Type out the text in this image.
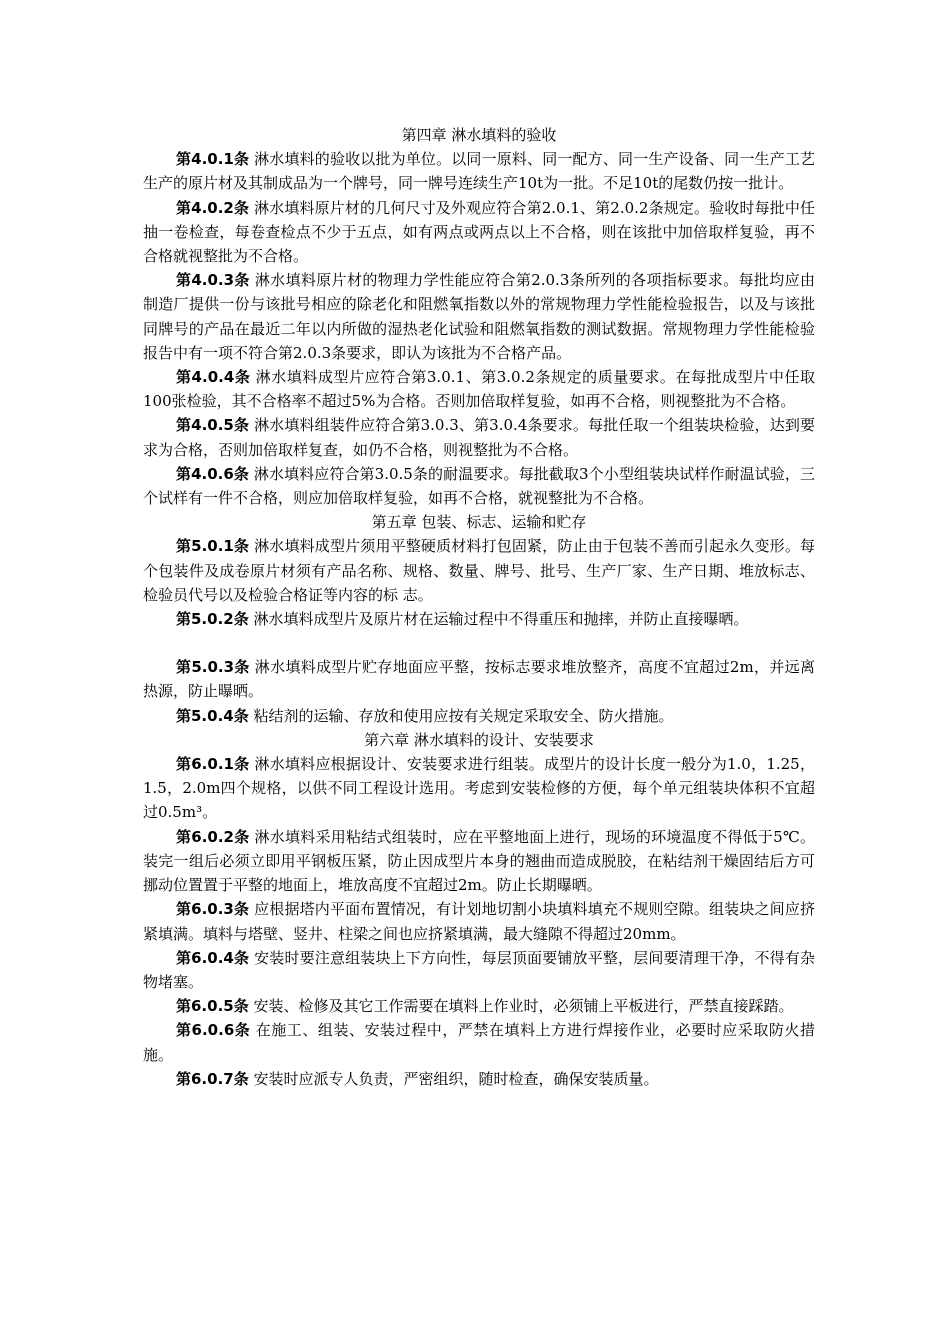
第四章 淋水填料的验收

第4.0.1条 淋水填料的验收以批为单位。以同一原料、同一配方、同一生产设备、同一生产工艺生产的原片材及其制成品为一个牌号，同一牌号连续生产10t为一批。不足10t的尾数仍按一批计。

第4.0.2条 淋水填料原片材的几何尺寸及外观应符合第2.0.1、第2.0.2条规定。验收时每批中任抽一卷检查，每卷查检点不少于五点，如有两点或两点以上不合格，则在该批中加倍取样复验，再不合格就视整批为不合格。

第4.0.3条 淋水填料原片材的物理力学性能应符合第2.0.3条所列的各项指标要求。每批均应由制造厂提供一份与该批号相应的除老化和阻燃氧指数以外的常规物理力学性能检验报告，以及与该批同牌号的产品在最近二年以内所做的湿热老化试验和阻燃氧指数的测试数据。常规物理力学性能检验报告中有一项不符合第2.0.3条要求，即认为该批为不合格产品。

第4.0.4条 淋水填料成型片应符合第3.0.1、第3.0.2条规定的质量要求。在每批成型片中任取100张检验，其不合格率不超过5%为合格。否则加倍取样复验，如再不合格，则视整批为不合格。

第4.0.5条 淋水填料组装件应符合第3.0.3、第3.0.4条要求。每批任取一个组装块检验，达到要求为合格，否则加倍取样复查，如仍不合格，则视整批为不合格。

第4.0.6条 淋水填料应符合第3.0.5条的耐温要求。每批截取3个小型组装块试样作耐温试验，三个试样有一件不合格，则应加倍取样复验，如再不合格，就视整批为不合格。

第五章 包装、标志、运输和贮存

第5.0.1条 淋水填料成型片须用平整硬质材料打包固紧，防止由于包装不善而引起永久变形。每个包装件及成卷原片材须有产品名称、规格、数量、牌号、批号、生产厂家、生产日期、堆放标志、检验员代号以及检验合格证等内容的标 志。

第5.0.2条 淋水填料成型片及原片材在运输过程中不得重压和抛摔，并防止直接曝晒。

第5.0.3条 淋水填料成型片贮存地面应平整，按标志要求堆放整齐，高度不宜超过2m，并远离热源，防止曝晒。

第5.0.4条 粘结剂的运输、存放和使用应按有关规定采取安全、防火措施。

第六章 淋水填料的设计、安装要求

第6.0.1条 淋水填料应根据设计、安装要求进行组装。成型片的设计长度一般分为1.0，1.25，1.5，2.0m四个规格，以供不同工程设计选用。考虑到安装检修的方便，每个单元组装块体积不宜超过0.5m³。

第6.0.2条 淋水填料采用粘结式组装时，应在平整地面上进行，现场的环境温度不得低于5℃。装完一组后必须立即用平钢板压紧，防止因成型片本身的翘曲而造成脱胶，在粘结剂干燥固结后方可挪动位置置于平整的地面上，堆放高度不宜超过2m。防止长期曝晒。

第6.0.3条 应根据塔内平面布置情况，有计划地切割小块填料填充不规则空隙。组装块之间应挤紧填满。填料与塔壁、竖井、柱梁之间也应挤紧填满，最大缝隙不得超过20mm。

第6.0.4条 安装时要注意组装块上下方向性，每层顶面要铺放平整，层间要清理干净，不得有杂物堵塞。

第6.0.5条 安装、检修及其它工作需要在填料上作业时，必须铺上平板进行，严禁直接踩踏。

第6.0.6条 在施工、组装、安装过程中，严禁在填料上方进行焊接作业，必要时应采取防火措施。

第6.0.7条 安装时应派专人负责，严密组织，随时检查，确保安装质量。
